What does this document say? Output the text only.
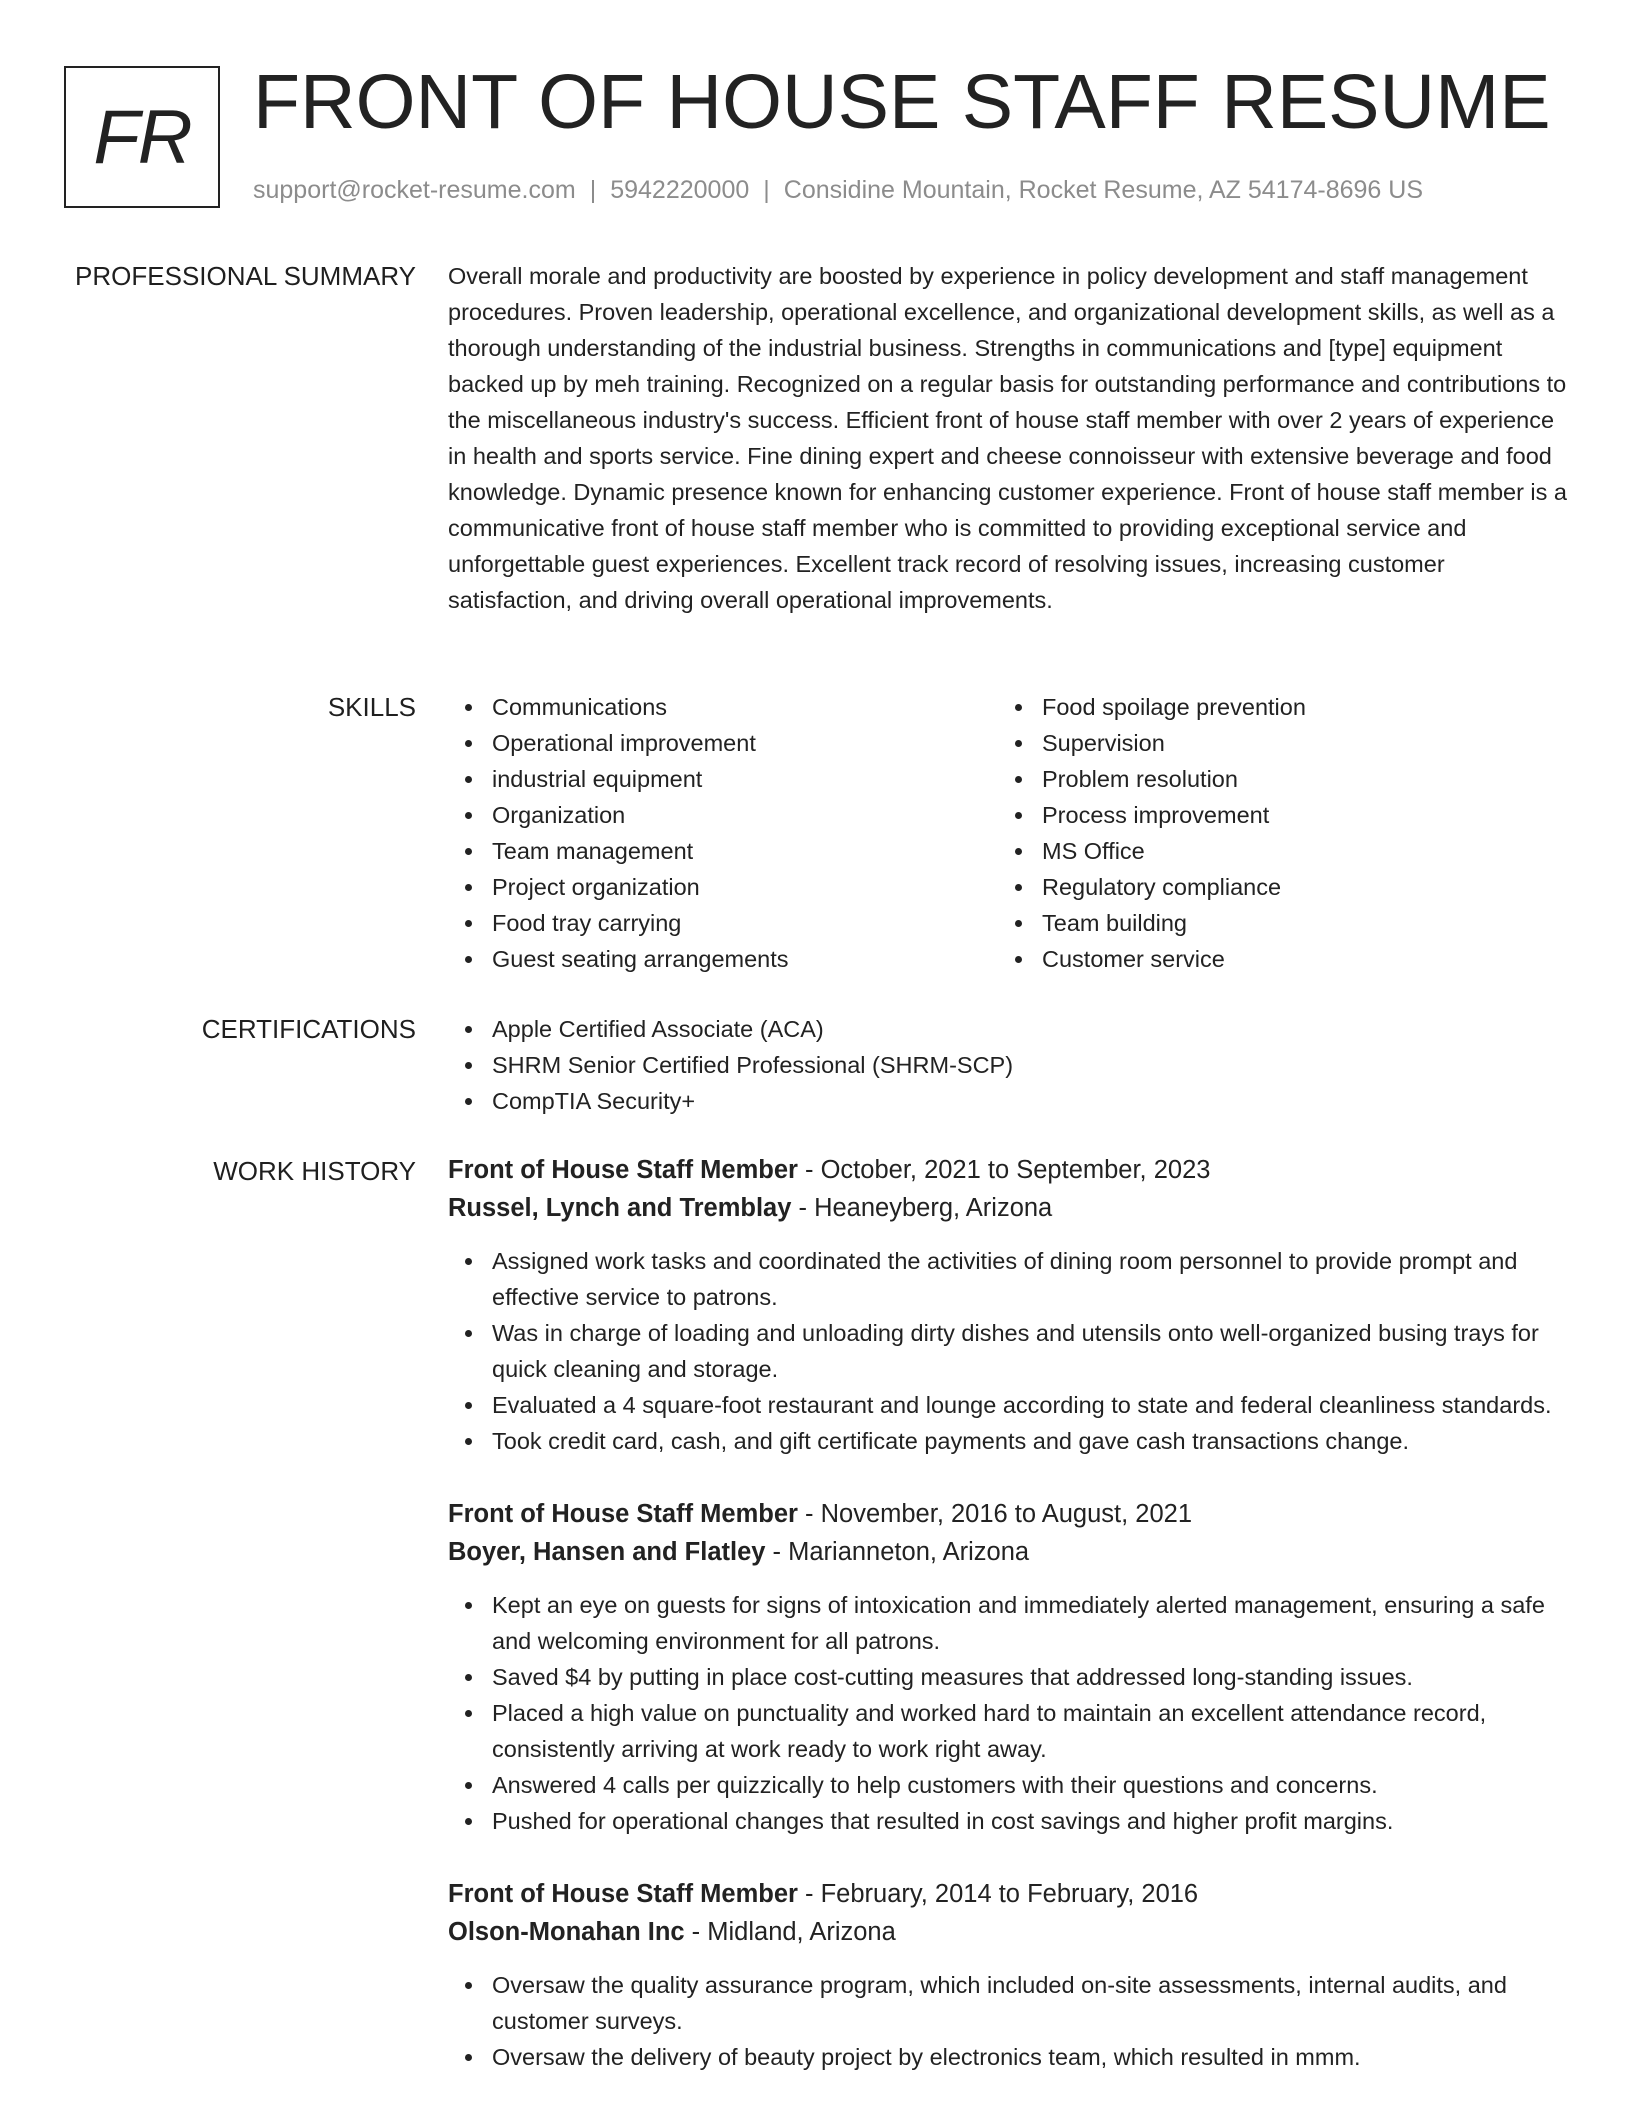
FR FRONT OF HOUSE STAFF RESUME
support@rocket-resume.com | 5942220000 | Considine Mountain, Rocket Resume, AZ 54174-8696 US
PROFESSIONAL SUMMARY Overall morale and productivity are boosted by experience in policy development and staff management procedures. Proven leadership, operational excellence, and organizational development skills, as well as a thorough understanding of the industrial business. Strengths in communications and [type] equipment backed up by meh training. Recognized on a regular basis for outstanding performance and contributions to the miscellaneous industry's success. Efficient front of house staff member with over 2 years of experience in health and sports service. Fine dining expert and cheese connoisseur with extensive beverage and food knowledge. Dynamic presence known for enhancing customer experience. Front of house staff member is a communicative front of house staff member who is committed to providing exceptional service and unforgettable guest experiences. Excellent track record of resolving issues, increasing customer satisfaction, and driving overall operational improvements.

SKILLS	Communications
Operational improvement
industrial equipment
Organization
Team management
Project organization
Food tray carrying
Guest seating arrangements
Food spoilage prevention
Supervision
Problem resolution
Process improvement
MS Office
Regulatory compliance
Team building
Customer service
CERTIFICATIONS	Apple Certified Associate (ACA)
SHRM Senior Certified Professional (SHRM-SCP)
CompTIA Security+
WORK HISTORY Front of House Staff Member - October, 2021 to September, 2023
Russel, Lynch and Tremblay - Heaneyberg, Arizona
Assigned work tasks and coordinated the activities of dining room personnel to provide prompt and effective service to patrons.
Was in charge of loading and unloading dirty dishes and utensils onto well-organized busing trays for quick cleaning and storage.
Evaluated a 4 square-foot restaurant and lounge according to state and federal cleanliness standards.
Took credit card, cash, and gift certificate payments and gave cash transactions change.
Front of House Staff Member - November, 2016 to August, 2021
Boyer, Hansen and Flatley - Marianneton, Arizona
Kept an eye on guests for signs of intoxication and immediately alerted management, ensuring a safe and welcoming environment for all patrons.
Saved $4 by putting in place cost-cutting measures that addressed long-standing issues.
Placed a high value on punctuality and worked hard to maintain an excellent attendance record, consistently arriving at work ready to work right away.
Answered 4 calls per quizzically to help customers with their questions and concerns.
Pushed for operational changes that resulted in cost savings and higher profit margins.
Front of House Staff Member - February, 2014 to February, 2016
Olson-Monahan Inc - Midland, Arizona
Oversaw the quality assurance program, which included on-site assessments, internal audits, and customer surveys.
Oversaw the delivery of beauty project by electronics team, which resulted in mmm.
